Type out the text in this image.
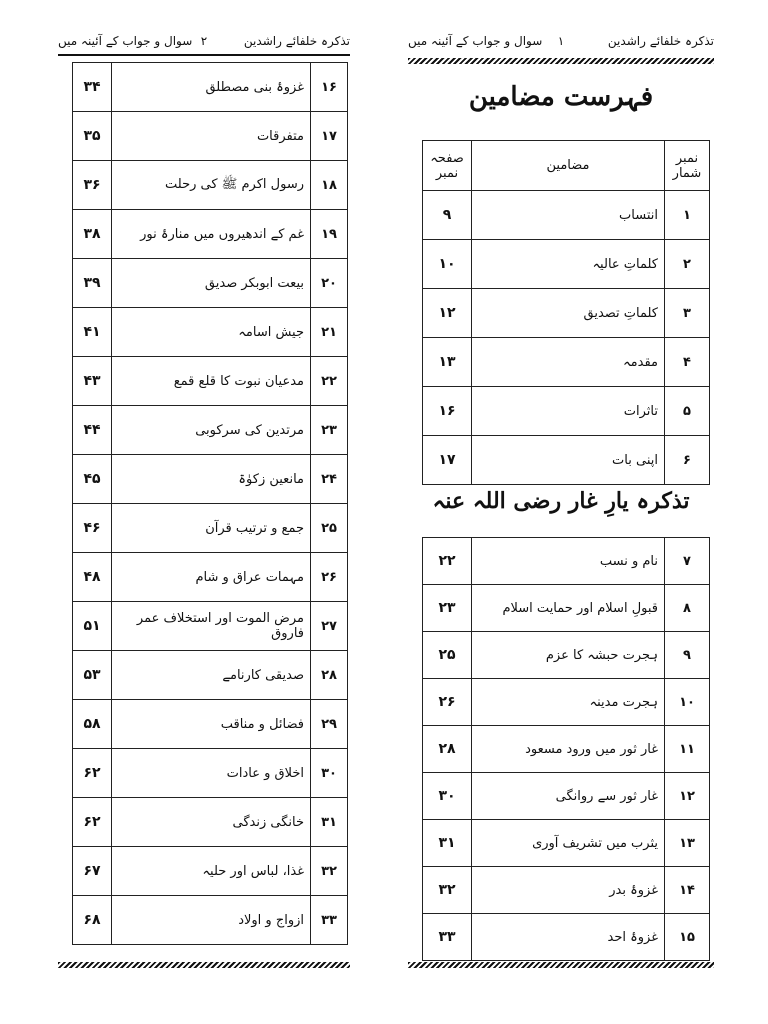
تذکرہ خلفائے راشدین
۲
سوال و جواب کے آئینہ میں
۳۴	غزوۂ بنی مصطلق	۱۶
۳۵	متفرقات	۱۷
۳۶	رسول اکرم ﷺ کی رحلت	۱۸
۳۸	غم کے اندھیروں میں منارۂ نور	۱۹
۳۹	بیعت ابوبکر صدیق	۲۰
۴۱	جیش اسامہ	۲۱
۴۳	مدعیان نبوت کا قلع قمع	۲۲
۴۴	مرتدین کی سرکوبی	۲۳
۴۵	مانعین زکوٰۃ	۲۴
۴۶	جمع و ترتیب قرآن	۲۵
۴۸	مہمات عراق و شام	۲۶
۵۱	مرض الموت اور استخلاف عمر فاروق	۲۷
۵۳	صدیقی کارنامے	۲۸
۵۸	فضائل و مناقب	۲۹
۶۲	اخلاق و عادات	۳۰
۶۲	خانگی زندگی	۳۱
۶۷	غذا، لباس اور حلیہ	۳۲
۶۸	ازواج و اولاد	۳۳
تذکرہ خلفائے راشدین
۱
سوال و جواب کے آئینہ میں
فہرست مضامین
صفحہ نمبر	مضامین	نمبر شمار
۹	انتساب	۱
۱۰	کلماتِ عالیہ	۲
۱۲	کلماتِ تصدیق	۳
۱۳	مقدمہ	۴
۱۶	تاثرات	۵
۱۷	اپنی بات	۶
تذکرہ یارِ غار رضی اللہ عنہ
۲۲	نام و نسب	۷
۲۳	قبولِ اسلام اور حمایت اسلام	۸
۲۵	ہجرت حبشہ کا عزم	۹
۲۶	ہجرت مدینہ	۱۰
۲۸	غار ثور میں ورود مسعود	۱۱
۳۰	غار ثور سے روانگی	۱۲
۳۱	یثرب میں تشریف آوری	۱۳
۳۲	غزوۂ بدر	۱۴
۳۳	غزوۂ احد	۱۵
